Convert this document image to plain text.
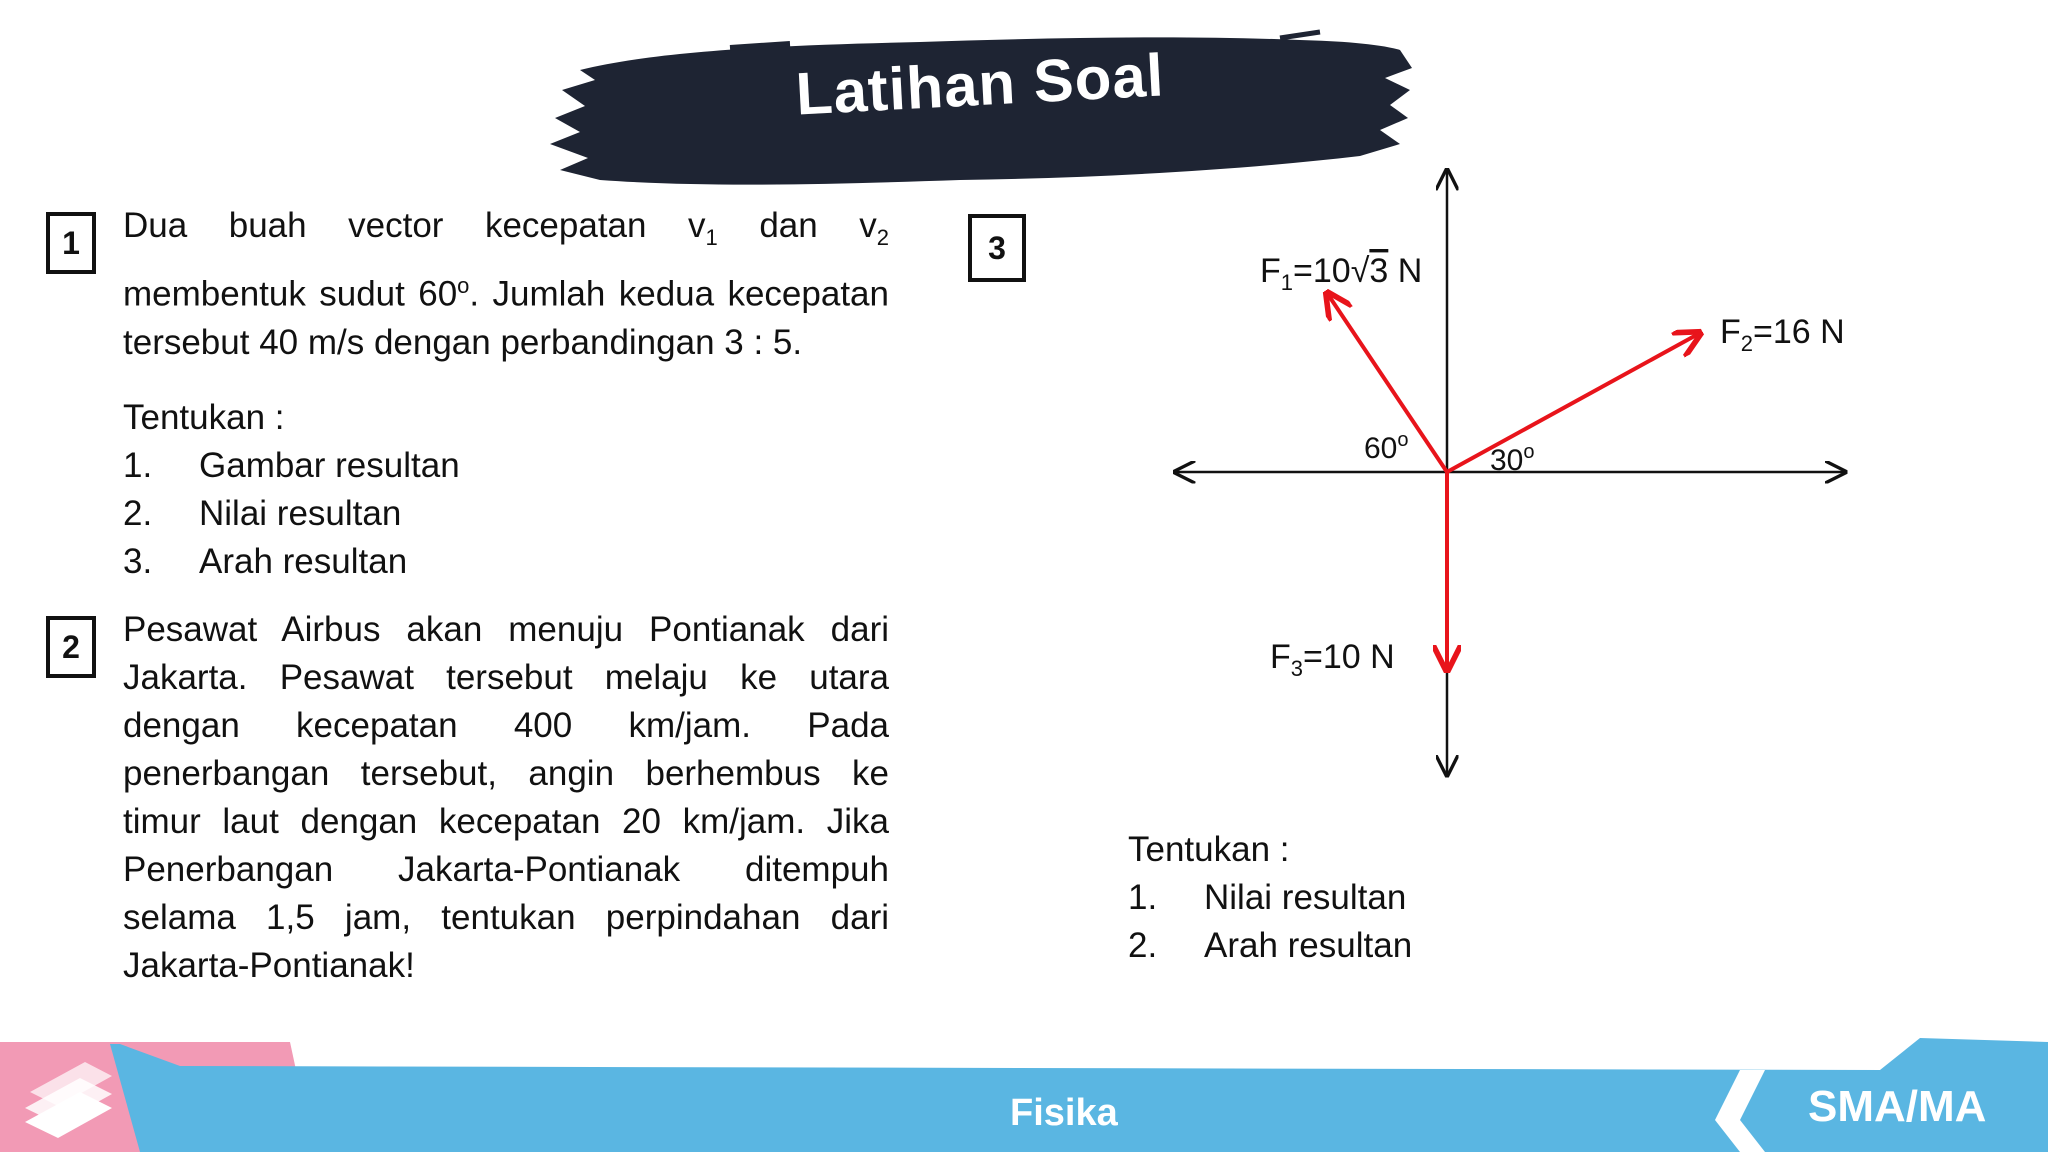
Latihan Soal
1 Dua buah vector kecepatan $v_1$ dan $v_2$ membentuk sudut 60$^o$. Jumlah kedua kecepatan tersebut 40 m/s dengan perbandingan 3 : 5.
Tentukan :
1.	Gambar resultan
2.	Nilai resultan
3.	Arah resultan
2 Pesawat Airbus akan menuju Pontianak dari Jakarta. Pesawat tersebut melaju ke utara dengan kecepatan 400 km/jam. Pada penerbangan tersebut, angin berhembus ke timur laut dengan kecepatan 20 km/jam. Jika Penerbangan Jakarta-Pontianak ditempuh selama 1,5 jam, tentukan perpindahan dari Jakarta-Pontianak!
3
$F_1=10√3$ N
$F_2=16$ N
$F_3=10$ N
60$^o$
30$^o$
Tentukan :
1.	Nilai resultan
2.	Arah resultan
Fisika	SMA/MA
